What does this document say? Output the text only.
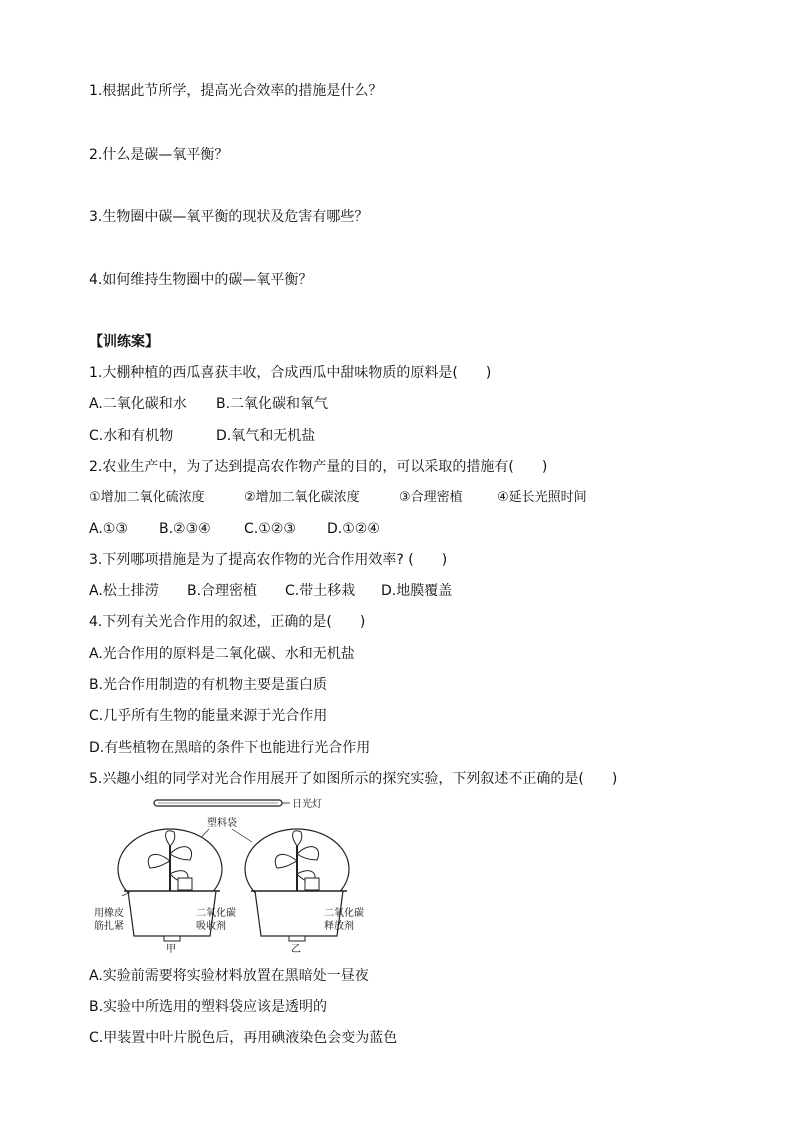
1.根据此节所学，提高光合效率的措施是什么？
2.什么是碳—氧平衡？
3.生物圈中碳—氧平衡的现状及危害有哪些？
4.如何维持生物圈中的碳—氧平衡？
【训练案】
1.大棚种植的西瓜喜获丰收，合成西瓜中甜味物质的原料是(　　)
A.二氧化碳和水 B.二氧化碳和氧气
C.水和有机物	D.氧气和无机盐
2.农业生产中，为了达到提高农作物产量的目的，可以采取的措施有(　　)
①增加二氧化硫浓度	②增加二氧化碳浓度	③合理密植	④延长光照时间
A.①③ B.②③④ C.①②③ D.①②④
3.下列哪项措施是为了提高农作物的光合作用效率? (　　)
A.松土排涝 B.合理密植 C.带土移栽 D.地膜覆盖
4.下列有关光合作用的叙述，正确的是(　　)
A.光合作用的原料是二氧化碳、水和无机盐
B.光合作用制造的有机物主要是蛋白质
C.几乎所有生物的能量来源于光合作用
D.有些植物在黑暗的条件下也能进行光合作用
5.兴趣小组的同学对光合作用展开了如图所示的探究实验，下列叙述不正确的是(　　)
日光灯
塑料袋
用橡皮
筋扎紧
二氧化碳
吸收剂
甲
二氧化碳
释放剂
乙
A.实验前需要将实验材料放置在黑暗处一昼夜
B.实验中所选用的塑料袋应该是透明的
C.甲装置中叶片脱色后，再用碘液染色会变为蓝色
